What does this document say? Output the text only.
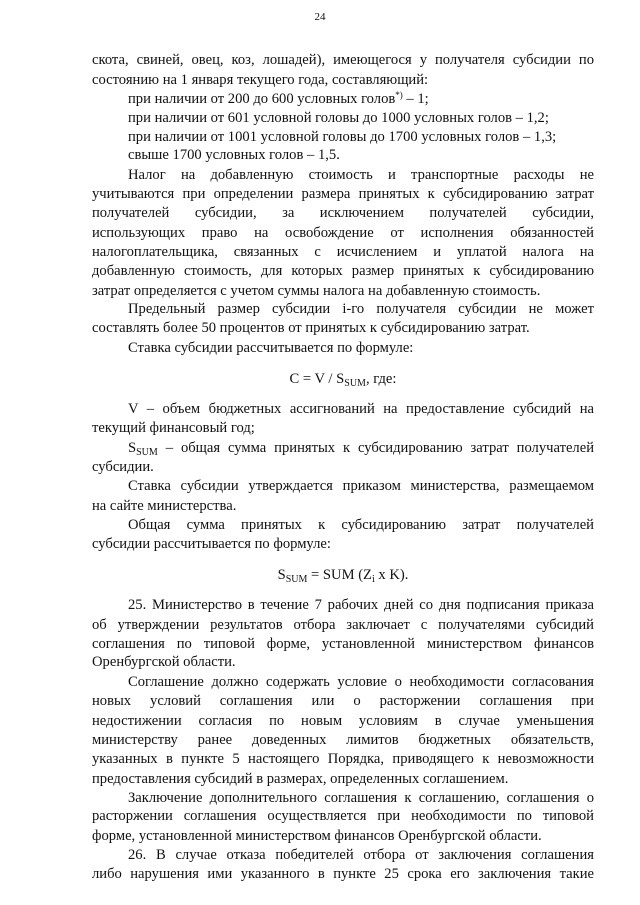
24
скота, свиней, овец, коз, лошадей), имеющегося у получателя субсидии по
состоянию на 1 января текущего года, составляющий:
при наличии от 200 до 600 условных голов*) – 1;
при наличии от 601 условной головы до 1000 условных голов – 1,2;
при наличии от 1001 условной головы до 1700 условных голов – 1,3;
свыше 1700 условных голов – 1,5.
Налог на добавленную стоимость и транспортные расходы не
учитываются при определении размера принятых к субсидированию затрат
получателей субсидии, за исключением получателей субсидии,
использующих право на освобождение от исполнения обязанностей
налогоплательщика, связанных с исчислением и уплатой налога на
добавленную стоимость, для которых размер принятых к субсидированию
затрат определяется с учетом суммы налога на добавленную стоимость.
Предельный размер субсидии i-го получателя субсидии не может
составлять более 50 процентов от принятых к субсидированию затрат.
Ставка субсидии рассчитывается по формуле:
$C = V / S_{SUM}$, где:
V – объем бюджетных ассигнований на предоставление субсидий на
текущий финансовый год;
$S_{SUM}$ – общая сумма принятых к субсидированию затрат получателей
субсидии.
Ставка субсидии утверждается приказом министерства, размещаемом
на сайте министерства.
Общая сумма принятых к субсидированию затрат получателей
субсидии рассчитывается по формуле:
$S_{SUM}$ = SUM ($Z_i$ x K).
25. Министерство в течение 7 рабочих дней со дня подписания приказа
об утверждении результатов отбора заключает с получателями субсидий
соглашения по типовой форме, установленной министерством финансов
Оренбургской области.
Соглашение должно содержать условие о необходимости согласования
новых условий соглашения или о расторжении соглашения при
недостижении согласия по новым условиям в случае уменьшения
министерству ранее доведенных лимитов бюджетных обязательств,
указанных в пункте 5 настоящего Порядка, приводящего к невозможности
предоставления субсидий в размерах, определенных соглашением.
Заключение дополнительного соглашения к соглашению, соглашения о
расторжении соглашения осуществляется при необходимости по типовой
форме, установленной министерством финансов Оренбургской области.
26. В случае отказа победителей отбора от заключения соглашения
либо нарушения ими указанного в пункте 25 срока его заключения такие
